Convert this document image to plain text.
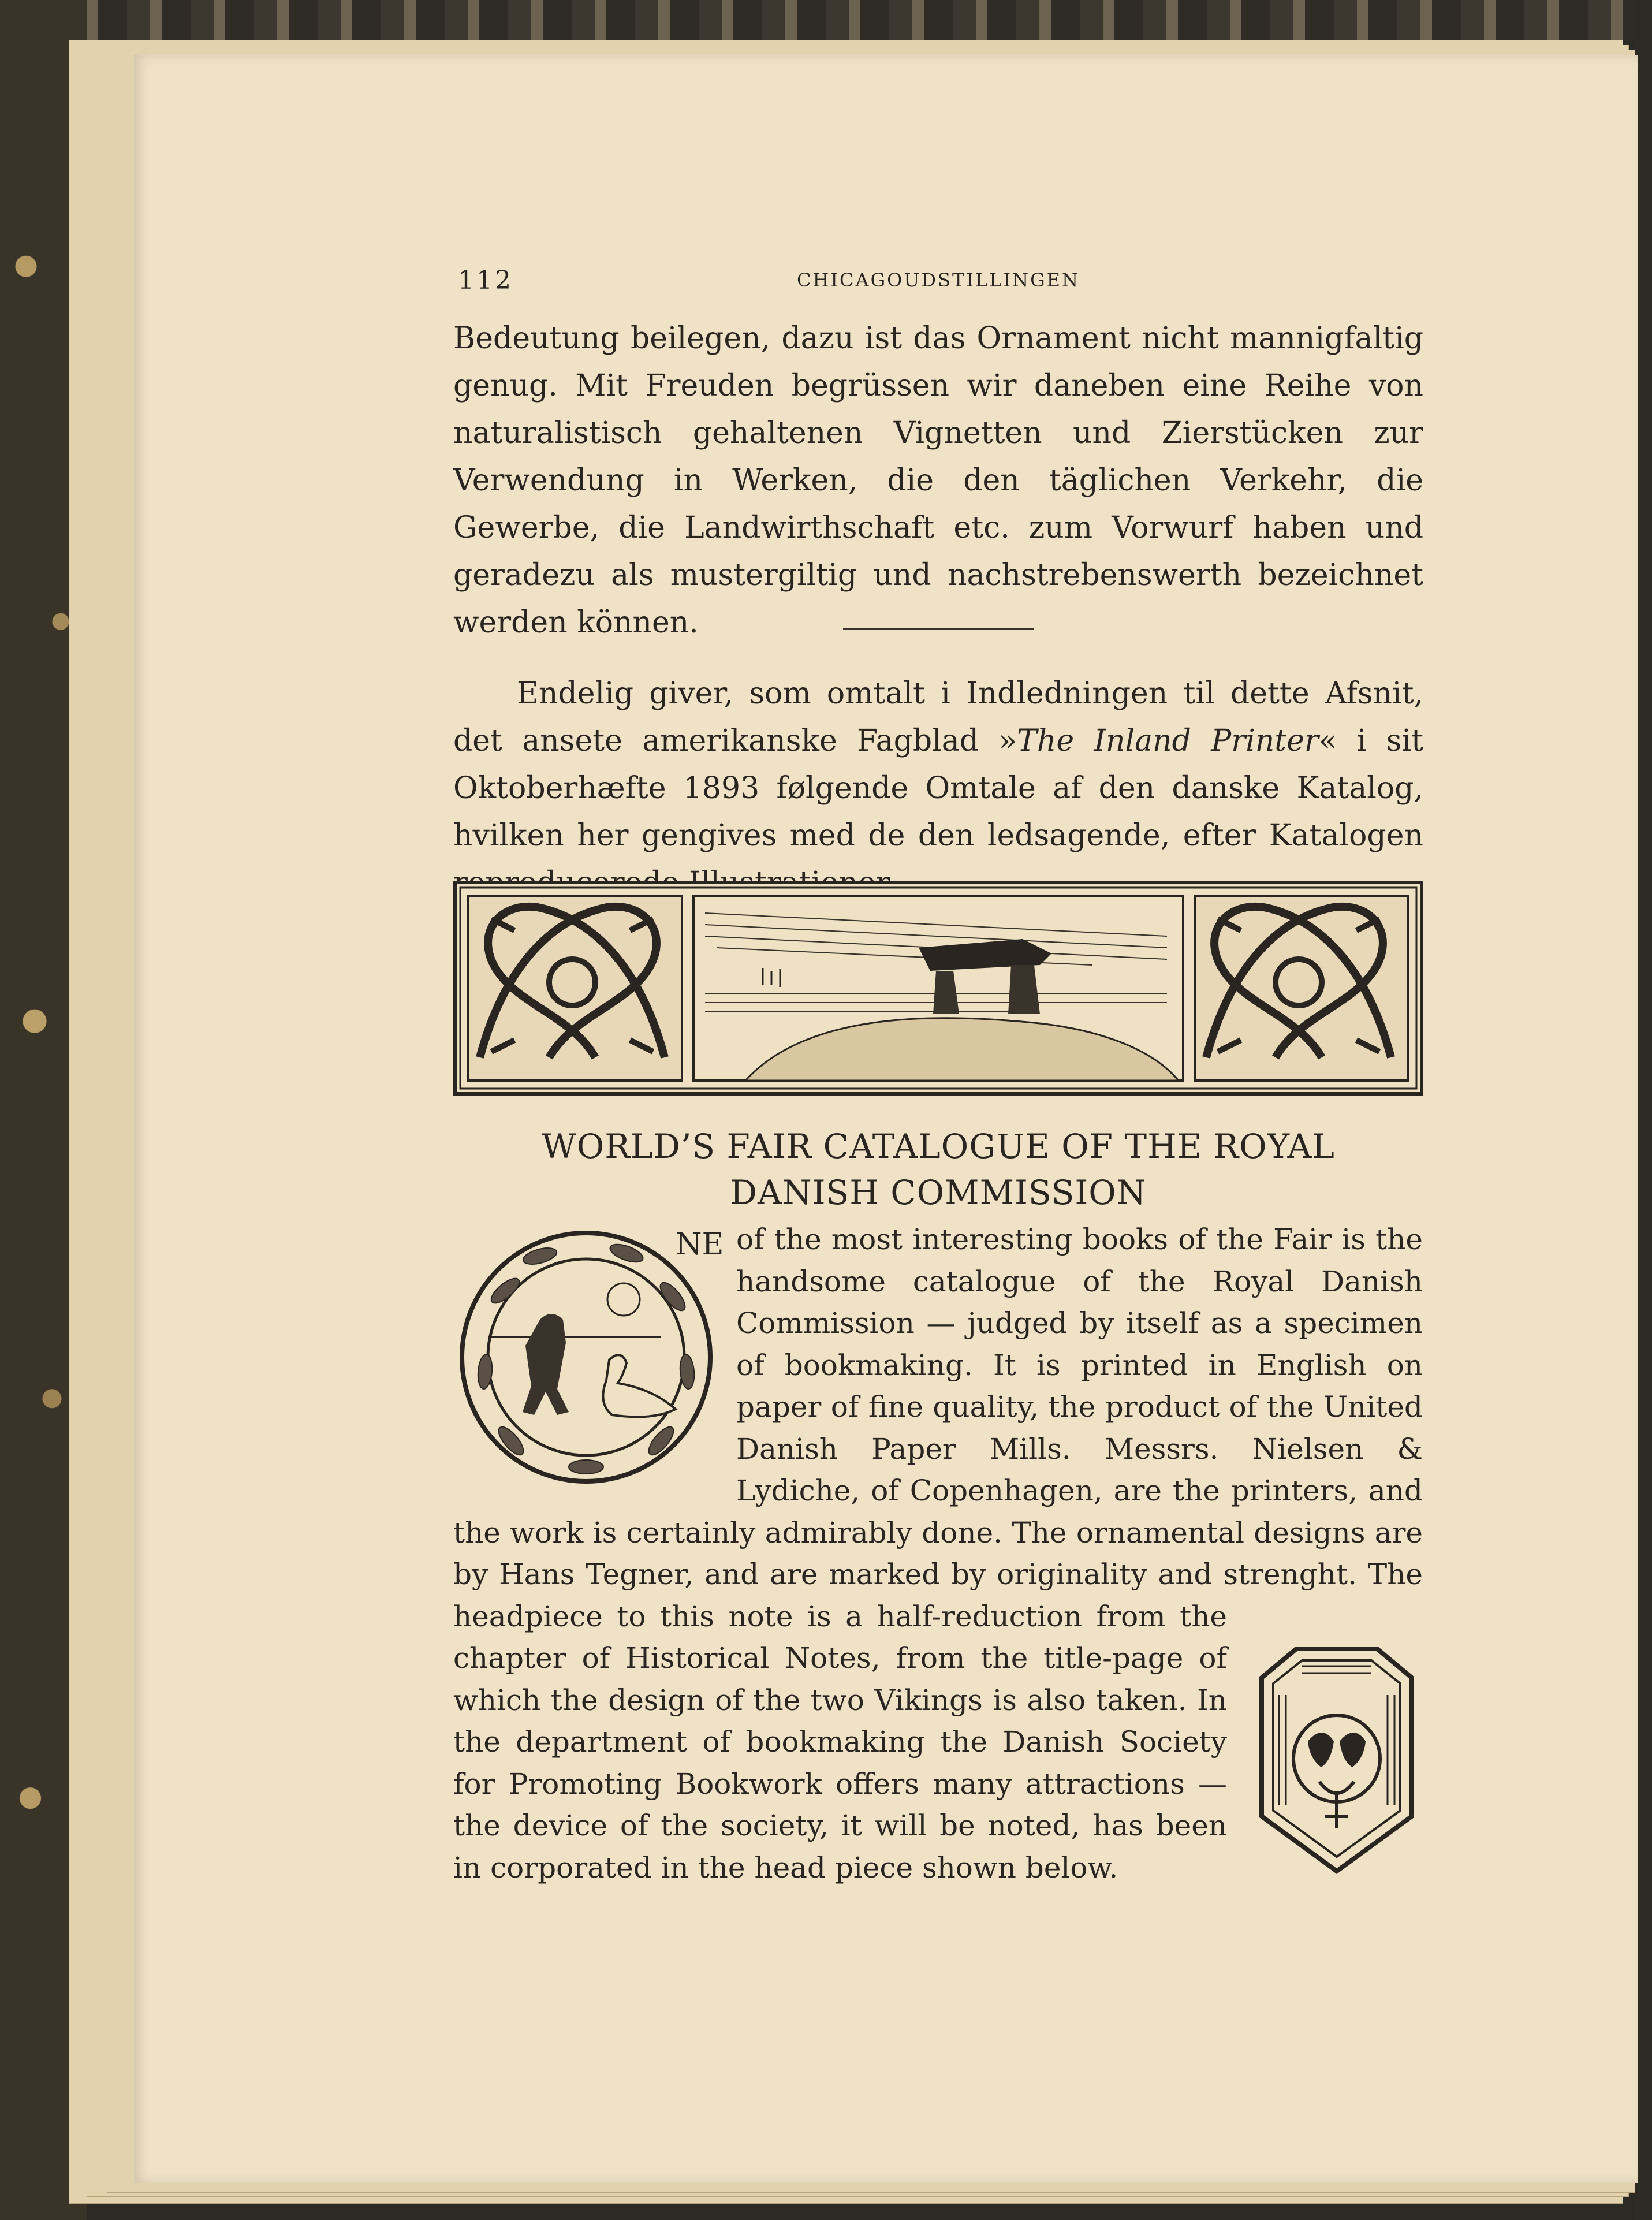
112	CHICAGOUDSTILLINGEN

Bedeutung beilegen, dazu ist das Ornament nicht mannigfaltig genug. Mit Freuden begrüssen wir daneben eine Reihe von naturalistisch gehaltenen Vignetten und Zierstücken zur Verwendung in Werken, die den täglichen Verkehr, die Gewerbe, die Landwirthschaft etc. zum Vorwurf haben und geradezu als mustergiltig und nachstrebenswerth bezeichnet werden können.

Endelig giver, som omtalt i Indledningen til dette Afsnit, det ansete amerikanske Fagblad »The Inland Printer« i sit Oktoberhæfte 1893 følgende Omtale af den danske Katalog, hvilken her gengives med de den ledsagende, efter Katalogen

WORLD’S FAIR CATALOGUE OF THE ROYAL
DANISH COMMISSION

of the most interesting books of the Fair is the handsome catalogue of the Royal Danish Commission — judged by itself as a specimen of bookmaking. It is printed in English on paper of fine quality, the product of the United Danish Paper Mills. Messrs. Nielsen & Lydiche, of Copenhagen, are the printers, and the work is certainly admirably done. The ornamental designs are by Hans Tegner, and are marked by originality and strenght. The headpiece to this note is a half-reduction from the chapter of Historical Notes, from the title-page of which the design of the two Vikings is also taken. In the department of bookmaking the Danish Society for Promoting Bookwork offers many attractions — the device of the society, it will be noted, has been in corporated in the head piece shown below.

NE
